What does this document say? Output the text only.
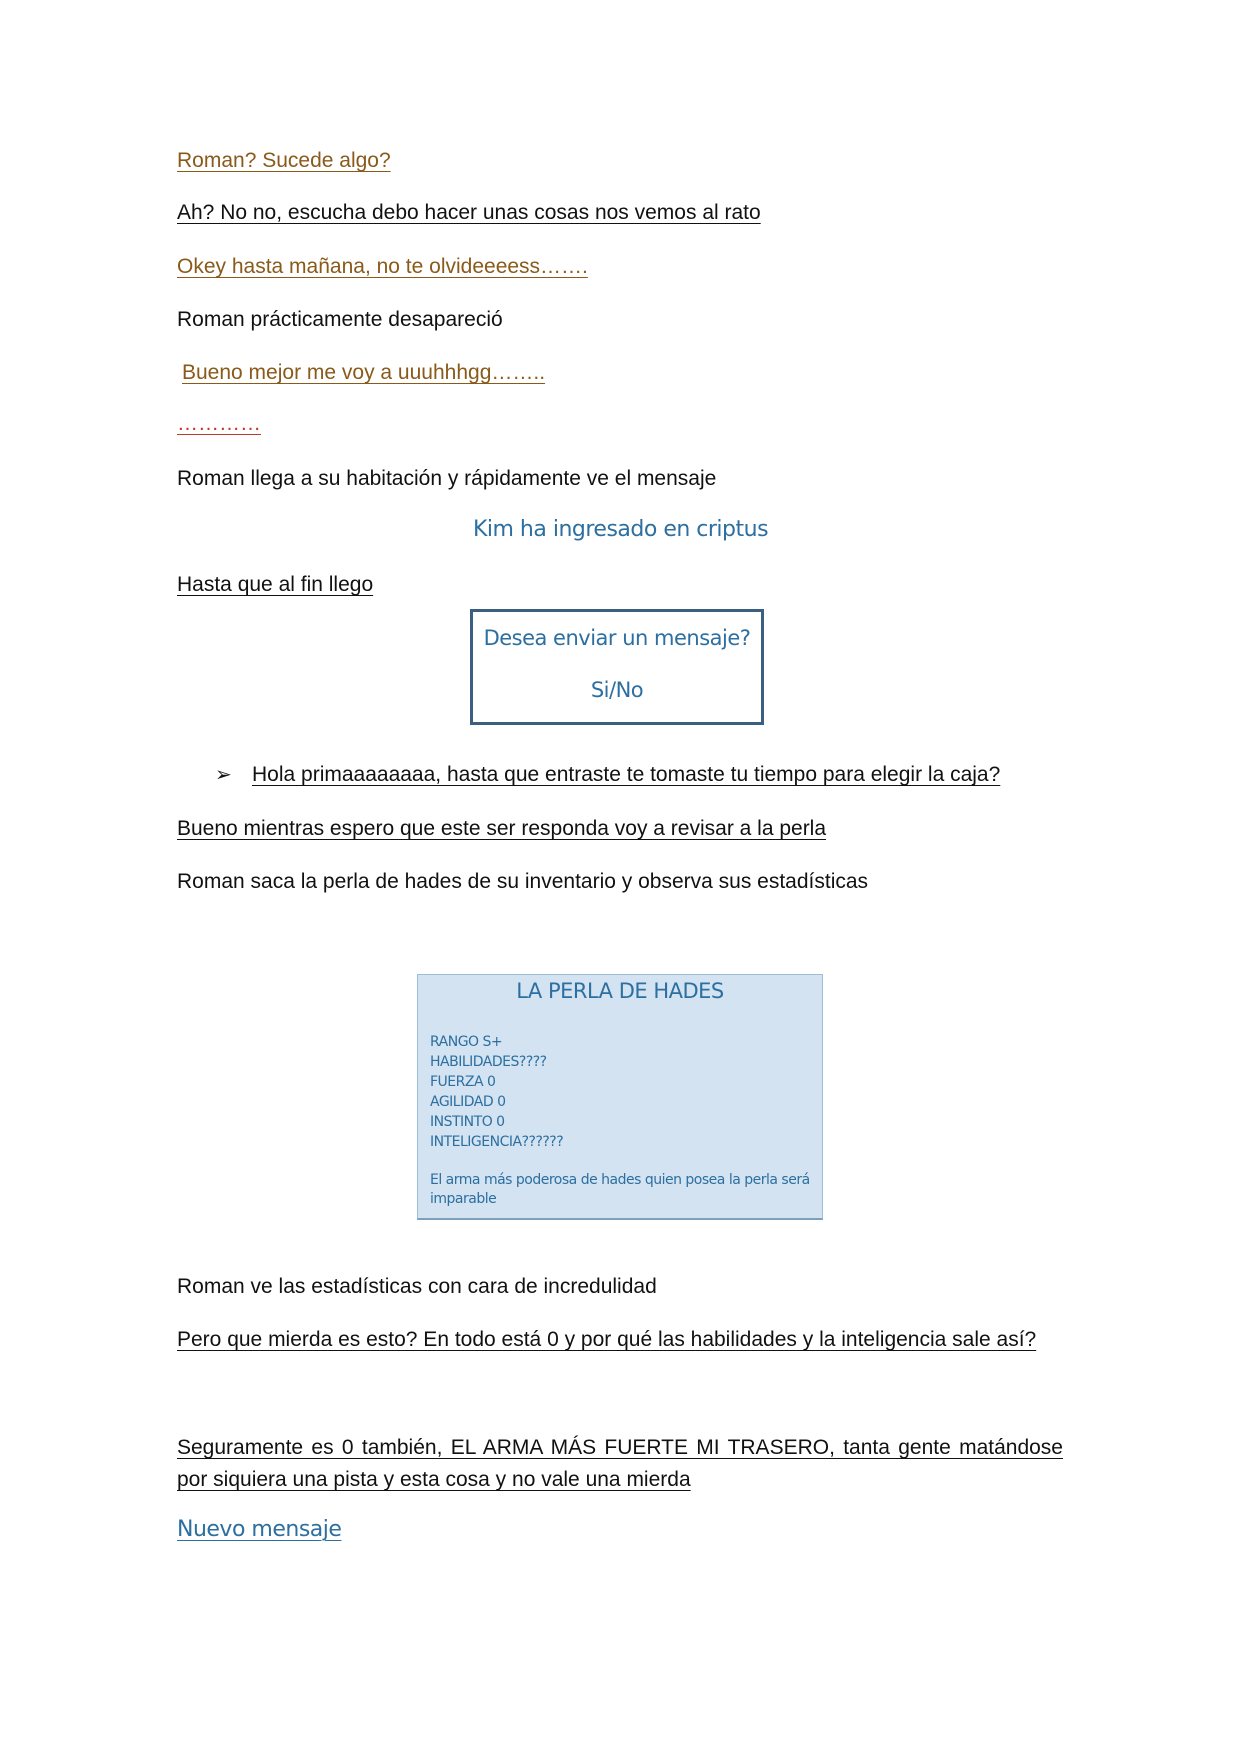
Roman? Sucede algo?
Ah? No no, escucha debo hacer unas cosas nos vemos al rato
Okey hasta mañana, no te olvideeeess…….
Roman prácticamente desapareció
Bueno mejor me voy a uuuhhhgg……..
…………
Roman llega a su habitación y rápidamente ve el mensaje
Kim ha ingresado en criptus
Hasta que al fin llego
Desea enviar un mensaje?
Si/No
➢ Hola primaaaaaaaa, hasta que entraste te tomaste tu tiempo para elegir la caja?
Bueno mientras espero que este ser responda voy a revisar a la perla
Roman saca la perla de hades de su inventario y observa sus estadísticas
LA PERLA DE HADES
RANGO S+
HABILIDADES????
FUERZA 0
AGILIDAD 0
INSTINTO 0
INTELIGENCIA??????
El arma más poderosa de hades quien posea la perla será imparable
Roman ve las estadísticas con cara de incredulidad
Pero que mierda es esto? En todo está 0 y por qué las habilidades y la inteligencia sale así?
Seguramente es 0 también, EL ARMA MÁS FUERTE MI TRASERO, tanta gente matándose por siquiera una pista y esta cosa y no vale una mierda
Nuevo mensaje
